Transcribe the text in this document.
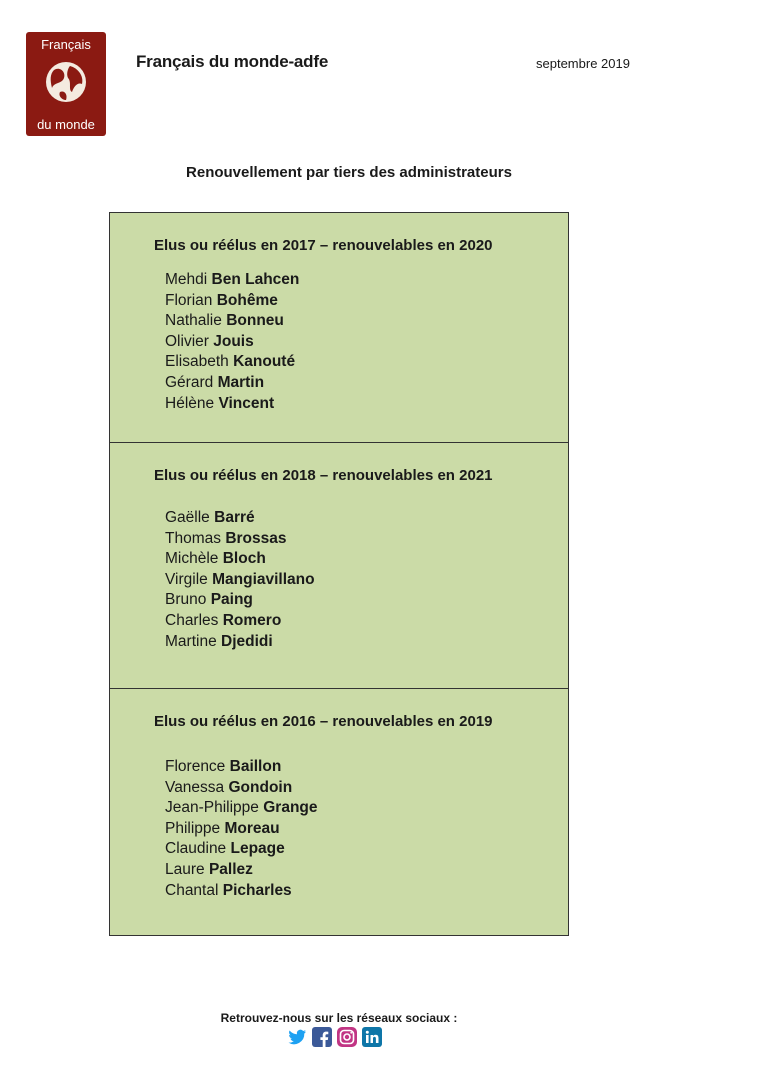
Français
du monde
Français du monde-adfe	septembre 2019
Renouvellement par tiers des administrateurs
Elus ou réélus en 2017 – renouvelables en 2020
Mehdi Ben Lahcen
Florian Bohême
Nathalie Bonneu
Olivier Jouis
Elisabeth Kanouté
Gérard Martin
Hélène Vincent
Elus ou réélus en 2018 – renouvelables en 2021
Gaëlle Barré
Thomas Brossas
Michèle Bloch
Virgile Mangiavillano
Bruno Paing
Charles Romero
Martine Djedidi
Elus ou réélus en 2016 – renouvelables en 2019
Florence Baillon
Vanessa Gondoin
Jean-Philippe Grange
Philippe Moreau
Claudine Lepage
Laure Pallez
Chantal Picharles
Retrouvez-nous sur les réseaux sociaux :
